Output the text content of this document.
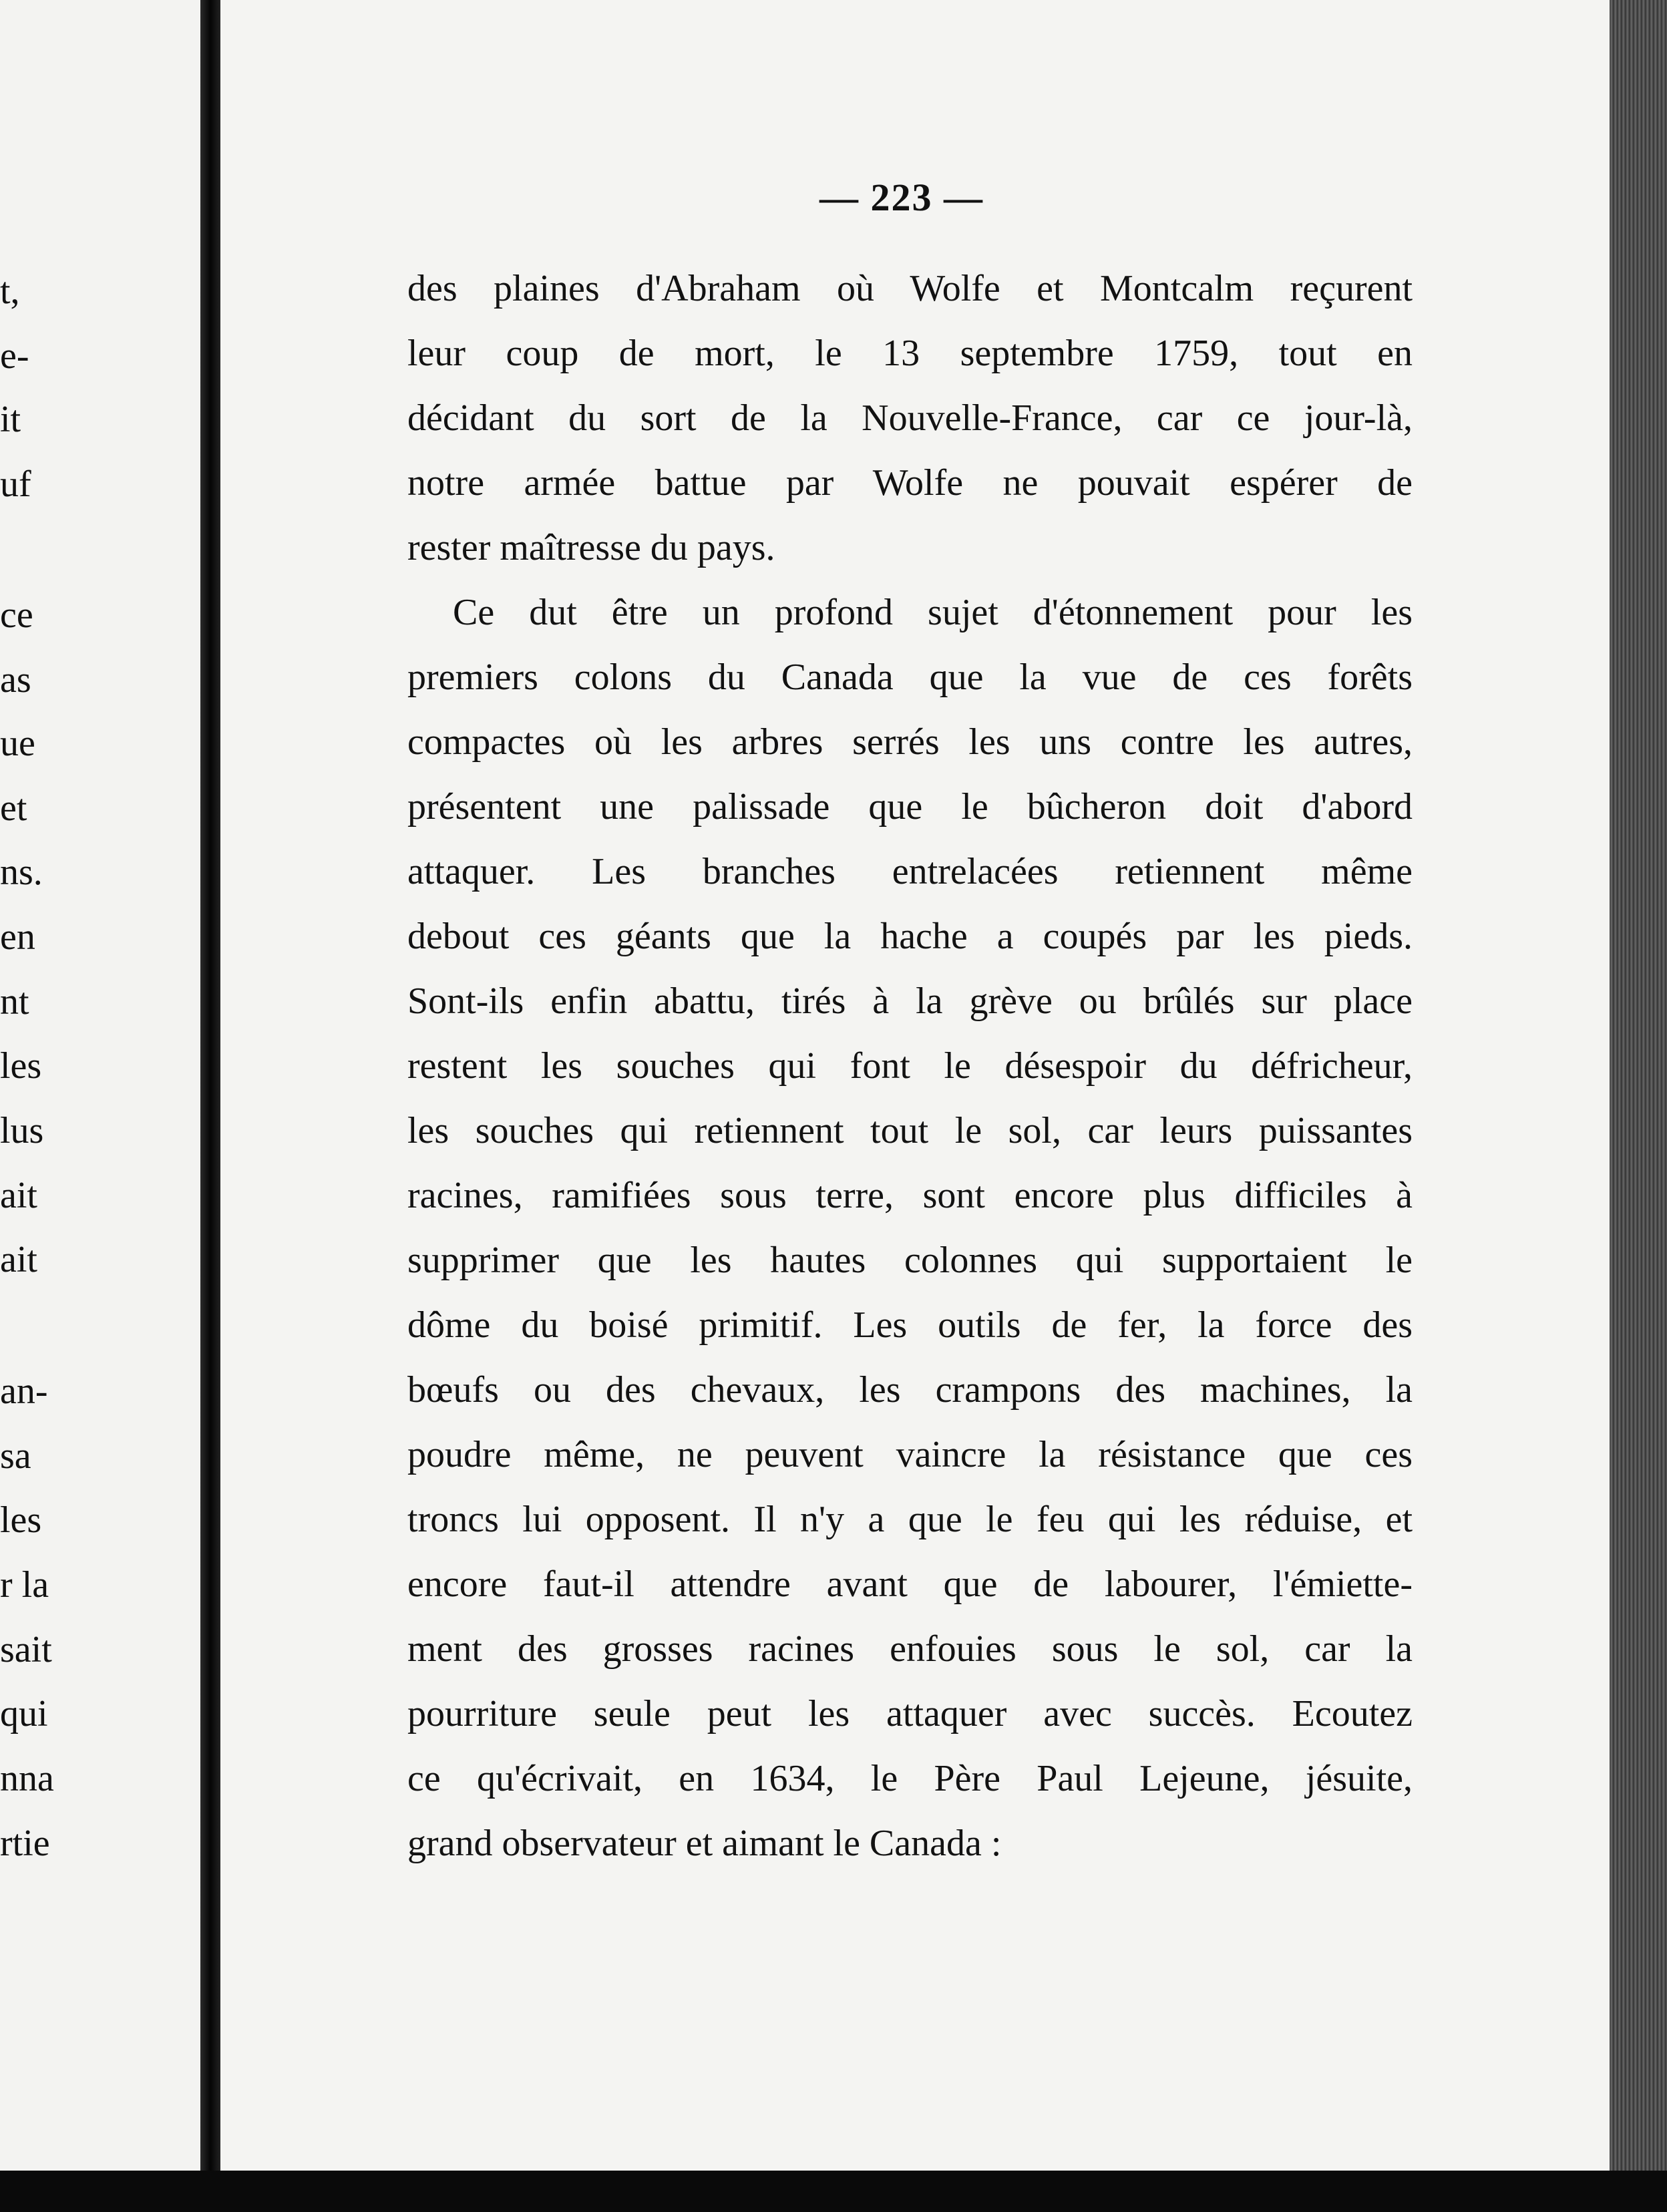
t,
e-
it
uf
ce
as
ue
et
ns.
en
nt
les
lus
ait
ait
an-
sa
les
r la
sait
qui
nna
rtie
— 223 —
des plaines d'Abraham où Wolfe et Montcalm reçurent
leur coup de mort, le 13 septembre 1759, tout en
décidant du sort de la Nouvelle-France, car ce jour-là,
notre armée battue par Wolfe ne pouvait espérer de
rester maîtresse du pays.
Ce dut être un profond sujet d'étonnement pour les
premiers colons du Canada que la vue de ces forêts
compactes où les arbres serrés les uns contre les autres,
présentent une palissade que le bûcheron doit d'abord
attaquer. Les branches entrelacées retiennent même
debout ces géants que la hache a coupés par les pieds.
Sont-ils enfin abattu, tirés à la grève ou brûlés sur place
restent les souches qui font le désespoir du défricheur,
les souches qui retiennent tout le sol, car leurs puissantes
racines, ramifiées sous terre, sont encore plus difficiles à
supprimer que les hautes colonnes qui supportaient le
dôme du boisé primitif. Les outils de fer, la force des
bœufs ou des chevaux, les crampons des machines, la
poudre même, ne peuvent vaincre la résistance que ces
troncs lui opposent. Il n'y a que le feu qui les réduise, et
encore faut-il attendre avant que de labourer, l'émiette-
ment des grosses racines enfouies sous le sol, car la
pourriture seule peut les attaquer avec succès. Ecoutez
ce qu'écrivait, en 1634, le Père Paul Lejeune, jésuite,
grand observateur et aimant le Canada :
